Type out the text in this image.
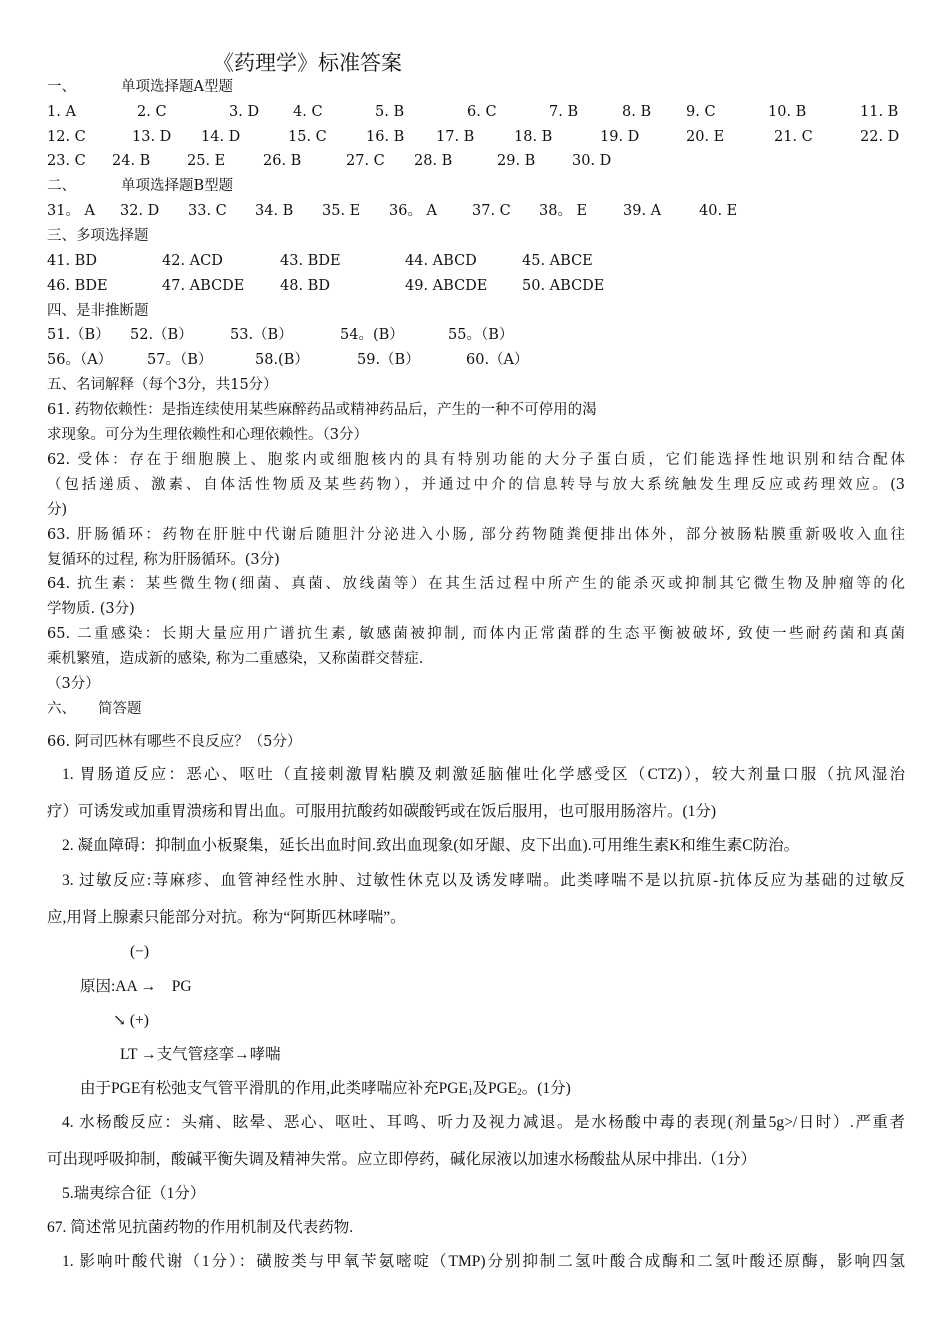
《药理学》标准答案
一、	单项选择题A型题
1. A	2. C	3. D 4. C	5. B	6. C	7. B	8. B 9. C	10. B	11. B
12. C	13. D 14. D	15. C	16. B 17. B	18. B	19. D	20. E	21. C	22. D
23. C 24. B	25. E	26. B	27. C 28. B	29. B	30. D
二、	单项选择题B型题
31。 A 32. D 33. C 34. B 35. E 36。 A 37. C 38。 E 39. A	40. E
三、多项选择题
41. BD	42. ACD	43. BDE	44. ABCD	45. ABCE
46. BDE	47. ABCDE 48. BD	49. ABCDE 50. ABCDE
四、是非推断题
51.（B） 52.（B）	53.（B）	54。(B）	55。（B）
56。（A） 57。（B）	58.(B）	59.（B）	60.（A）
五、名词解释（每个3分，共15分）
61. 药物依赖性：是指连续使用某些麻醉药品或精神药品后，产生的一种不可停用的渴
求现象。可分为生理依赖性和心理依赖性。（3分）
62. 受体：存在于细胞膜上、胞浆内或细胞核内的具有特别功能的大分子蛋白质，它们能选择性地识别和结合配体
（包括递质、激素、自体活性物质及某些药物），并通过中介的信息转导与放大系统触发生理反应或药理效应。(3
分)
63. 肝肠循环：药物在肝脏中代谢后随胆汁分泌进入小肠, 部分药物随粪便排出体外，部分被肠粘膜重新吸收入血往
复循环的过程, 称为肝肠循环。(3分)
64. 抗生素：某些微生物(细菌、真菌、放线菌等）在其生活过程中所产生的能杀灭或抑制其它微生物及肿瘤等的化
学物质. (3分)
65. 二重感染：长期大量应用广谱抗生素, 敏感菌被抑制, 而体内正常菌群的生态平衡被破坏, 致使一些耐药菌和真菌
乘机繁殖，造成新的感染, 称为二重感染，又称菌群交替症.
（3分）
六、 简答题
66. 阿司匹林有哪些不良反应？（5分）
1. 胃肠道反应：恶心、呕吐（直接刺激胃粘膜及刺激延脑催吐化学感受区（CTZ)），较大剂量口服（抗风湿治
疗）可诱发或加重胃溃疡和胃出血。可服用抗酸药如碳酸钙或在饭后服用，也可服用肠溶片。(1分)
2. 凝血障碍：抑制血小板聚集，延长出血时间.致出血现象(如牙龈、皮下出血).可用维生素K和维生素C防治。
3. 过敏反应:荨麻疹、血管神经性水肿、过敏性休克以及诱发哮喘。此类哮喘不是以抗原-抗体反应为基础的过敏反
应,用肾上腺素只能部分对抗。称为“阿斯匹林哮喘”。
(−)
原因:AA →    PG
↘ (+)
LT →支气管痉挛→哮喘
由于PGE有松弛支气管平滑肌的作用,此类哮喘应补充$PGE_1$及$PGE_2$。(1分)
4. 水杨酸反应：头痛、眩晕、恶心、呕吐、耳鸣、听力及视力减退。是水杨酸中毒的表现(剂量5g>/日时）.严重者
可出现呼吸抑制，酸碱平衡失调及精神失常。应立即停药，碱化尿液以加速水杨酸盐从尿中排出.（1分）
5.瑞夷综合征（1分）
67. 简述常见抗菌药物的作用机制及代表药物.
1. 影响叶酸代谢（1分）：磺胺类与甲氧苄氨嘧啶（TMP)分别抑制二氢叶酸合成酶和二氢叶酸还原酶，影响四氢
